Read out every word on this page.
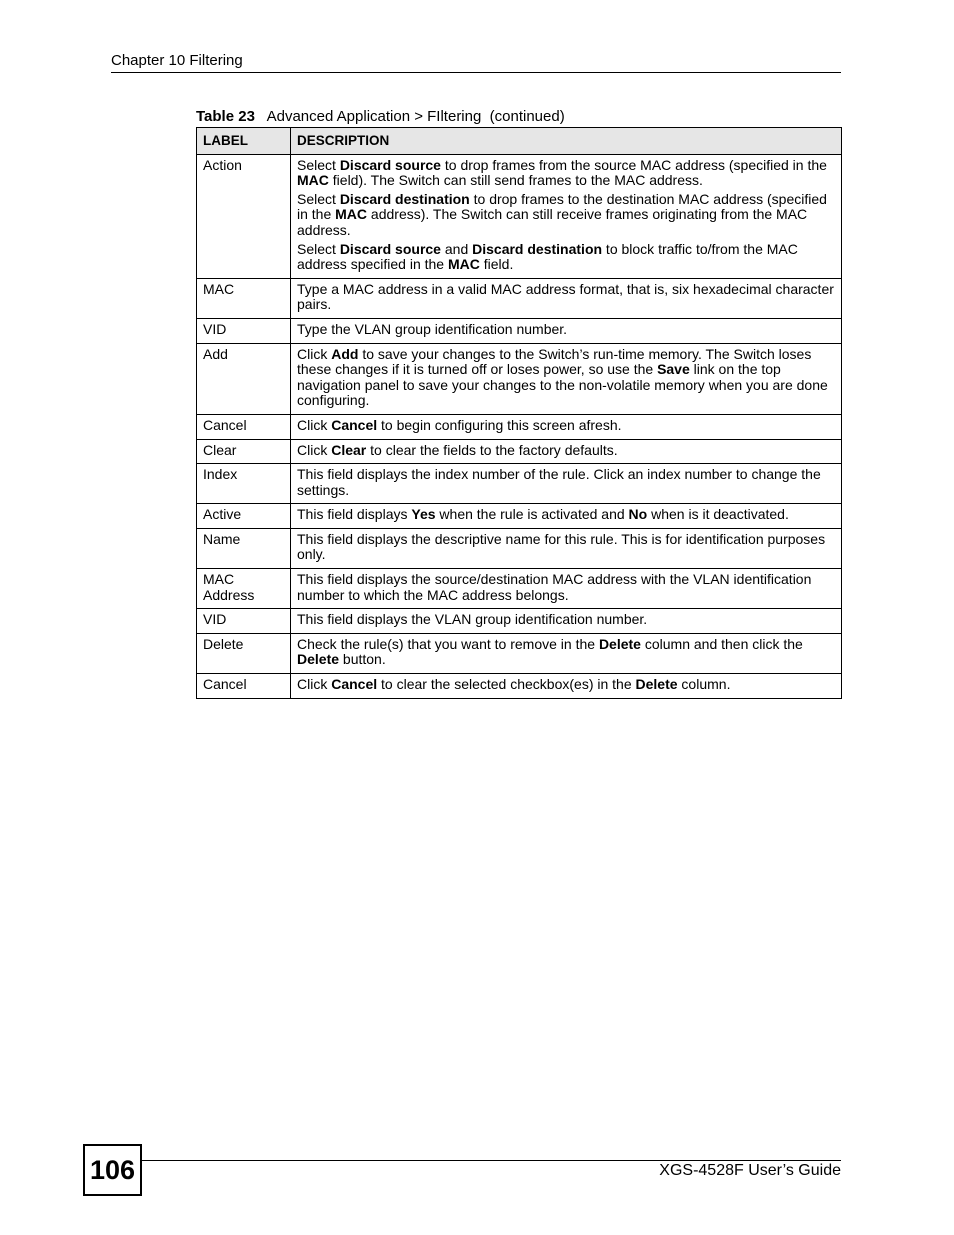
Chapter 10 Filtering
Table 23 Advanced Application > FIltering  (continued)
LABEL	DESCRIPTION
Action	Select Discard source to drop frames from the source MAC address (specified in the MAC field). The Switch can still send frames to the MAC address.
Select Discard destination to drop frames to the destination MAC address (specified in the MAC address). The Switch can still receive frames originating from the MAC address.
Select Discard source and Discard destination to block traffic to/from the MAC address specified in the MAC field.

MAC	Type a MAC address in a valid MAC address format, that is, six hexadecimal character pairs.

VID	Type the VLAN group identification number.

Add	Click Add to save your changes to the Switch’s run-time memory. The Switch loses these changes if it is turned off or loses power, so use the Save link on the top navigation panel to save your changes to the non-volatile memory when you are done configuring.

Cancel	Click Cancel to begin configuring this screen afresh.

Clear	Click Clear to clear the fields to the factory defaults.

Index	This field displays the index number of the rule. Click an index number to change the settings.

Active	This field displays Yes when the rule is activated and No when is it deactivated.

Name	This field displays the descriptive name for this rule. This is for identification purposes only.

MAC Address	This field displays the source/destination MAC address with the VLAN identification number to which the MAC address belongs.

VID	This field displays the VLAN group identification number.

Delete	Check the rule(s) that you want to remove in the Delete column and then click the Delete button.

Cancel	Click Cancel to clear the selected checkbox(es) in the Delete column.
106	XGS-4528F User’s Guide
